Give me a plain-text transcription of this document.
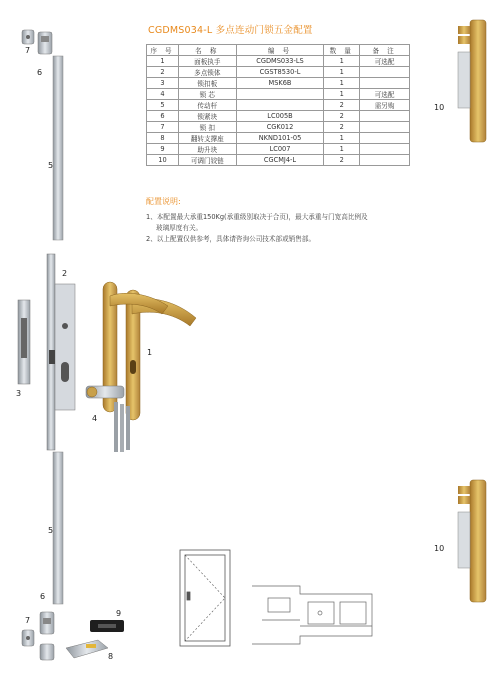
CGDMS034-L 多点连动门锁五金配置
序 号	名 称	编 号	数 量	备 注
1	面板执手	CGDMS033-LS	1	可选配
2	多点锁体	CGST8530-L	1	
3	锁扣板	MSK6B	1	
4	锁 芯		1	可选配
5	传动杆		2	需另购
6	锁紧块	LC005B	2	
7	锁 扣	CGK012	2	
8	翻转支撑座	NKND101-05	1	
9	助升块	LC007	1	
10	可调门铰链	CGCMJ4-L	2	
配置说明:

1、本配置最大承重150Kg(承重级别取决于合页)，最大承重与门宽高比例及

玻璃厚度有关。

2、以上配置仅供参考，具体请咨询公司技术部或销售部。

7
6
5
2
3
1
4
5
6
7
9
8
10
10
